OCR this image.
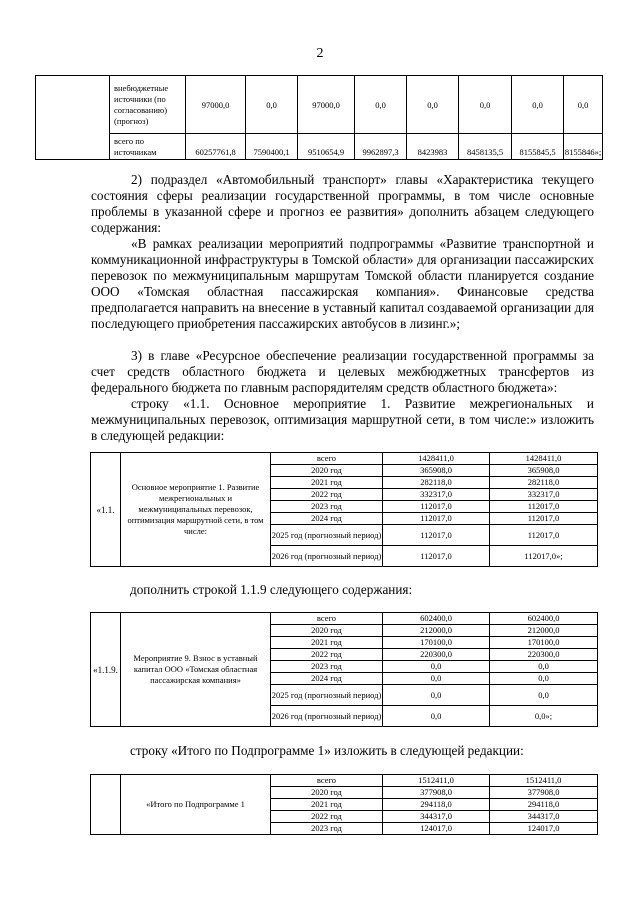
2
	внебюджетные источники (по согласованию) (прогноз)	97000,0	0,0	97000,0	0,0	0,0	0,0	0,0	0,0
	всего по источникам	60257761,8	7590400,1	9510654,9	9962897,3	8423983	8458135,5	8155845,5	8155846»;

2) подраздел «Автомобильный транспорт» главы «Характеристика текущего состояния сферы реализации государственной программы, в том числе основные проблемы в указанной сфере и прогноз ее развития» дополнить абзацем следующего содержания:

«В рамках реализации мероприятий подпрограммы «Развитие транспортной и коммуникационной инфраструктуры в Томской области» для организации пассажирских перевозок по межмуниципальным маршрутам Томской области планируется создание ООО «Томская областная пассажирская компания». Финансовые средства предполагается направить на внесение в уставный капитал создаваемой организации для последующего приобретения пассажирских автобусов в лизинг.»;

3) в главе «Ресурсное обеспечение реализации государственной программы за счет средств областного бюджета и целевых межбюджетных трансфертов из федерального бюджета по главным распорядителям средств областного бюджета»:

строку «1.1. Основное мероприятие 1. Развитие межрегиональных и межмуниципальных перевозок, оптимизация маршрутной сети, в том числе:» изложить в следующей редакции:

«1.1.	Основное мероприятие 1. Развитие межрегиональных и межмуниципальных перевозок, оптимизация маршрутной сети, в том числе:	всего	1428411,0	1428411,0
		2020 год	365908,0	365908,0
		2021 год	282118,0	282118,0
		2022 год	332317,0	332317,0
		2023 год	112017,0	112017,0
		2024 год	112017,0	112017,0
		2025 год (прогнозный период)	112017,0	112017,0
		2026 год (прогнозный период)	112017,0	112017,0»;

дополнить строкой 1.1.9 следующего содержания:

«1.1.9.	Мероприятие 9. Взнос в уставный капитал ООО «Томская областная пассажирская компания»	всего	602400,0	602400,0
		2020 год	212000,0	212000,0
		2021 год	170100,0	170100,0
		2022 год	220300,0	220300,0
		2023 год	0,0	0,0
		2024 год	0,0	0,0
		2025 год (прогнозный период)	0,0	0,0
		2026 год (прогнозный период)	0,0	0,0»;

строку «Итого по Подпрограмме 1» изложить в следующей редакции:

	«Итого по Подпрограмме 1	всего	1512411,0	1512411,0
		2020 год	377908,0	377908,0
		2021 год	294118,0	294118,0
		2022 год	344317,0	344317,0
		2023 год	124017,0	124017,0
